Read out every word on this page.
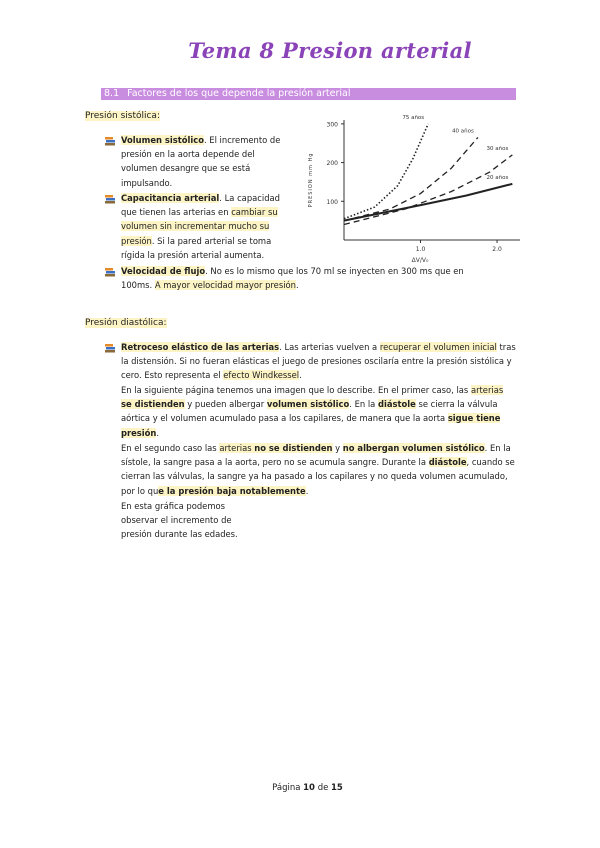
Tema 8 Presion arterial
8.1 Factores de los que depende la presión arterial
Presión sistólica:
Volumen sistólico. El incremento de presión en la aorta depende del volumen desangre que se está impulsando.
Capacitancia arterial. La capacidad que tienen las arterias en cambiar su volumen sin incrementar mucho su presión. Si la pared arterial se toma rígida la presión arterial aumenta.
Velocidad de flujo. No es lo mismo que los 70 ml se inyecten en 300 ms que en 100ms. A mayor velocidad mayor presión.
100
200
300
1.0	2.0
PRESION mm Hg
ΔV/V₀
75 años
40 años
30 años
20 años
Presión diastólica:
Retroceso elástico de las arterias. Las arterias vuelven a recuperar el volumen inicial tras la distensión. Si no fueran elásticas el juego de presiones oscilaría entre la presión sistólica y cero. Esto representa el efecto Windkessel.
En la siguiente página tenemos una imagen que lo describe. En el primer caso, las arterias se distienden y pueden albergar volumen sistólico. En la diástole se cierra la válvula aórtica y el volumen acumulado pasa a los capilares, de manera que la aorta sigue tiene presión.
En el segundo caso las arterias no se distienden y no albergan volumen sistólico. En la sístole, la sangre pasa a la aorta, pero no se acumula sangre. Durante la diástole, cuando se cierran las válvulas, la sangre ya ha pasado a los capilares y no queda volumen acumulado, por lo que la presión baja notablemente.
En esta gráfica podemos observar el incremento de presión durante las edades.
Página 10 de 15
